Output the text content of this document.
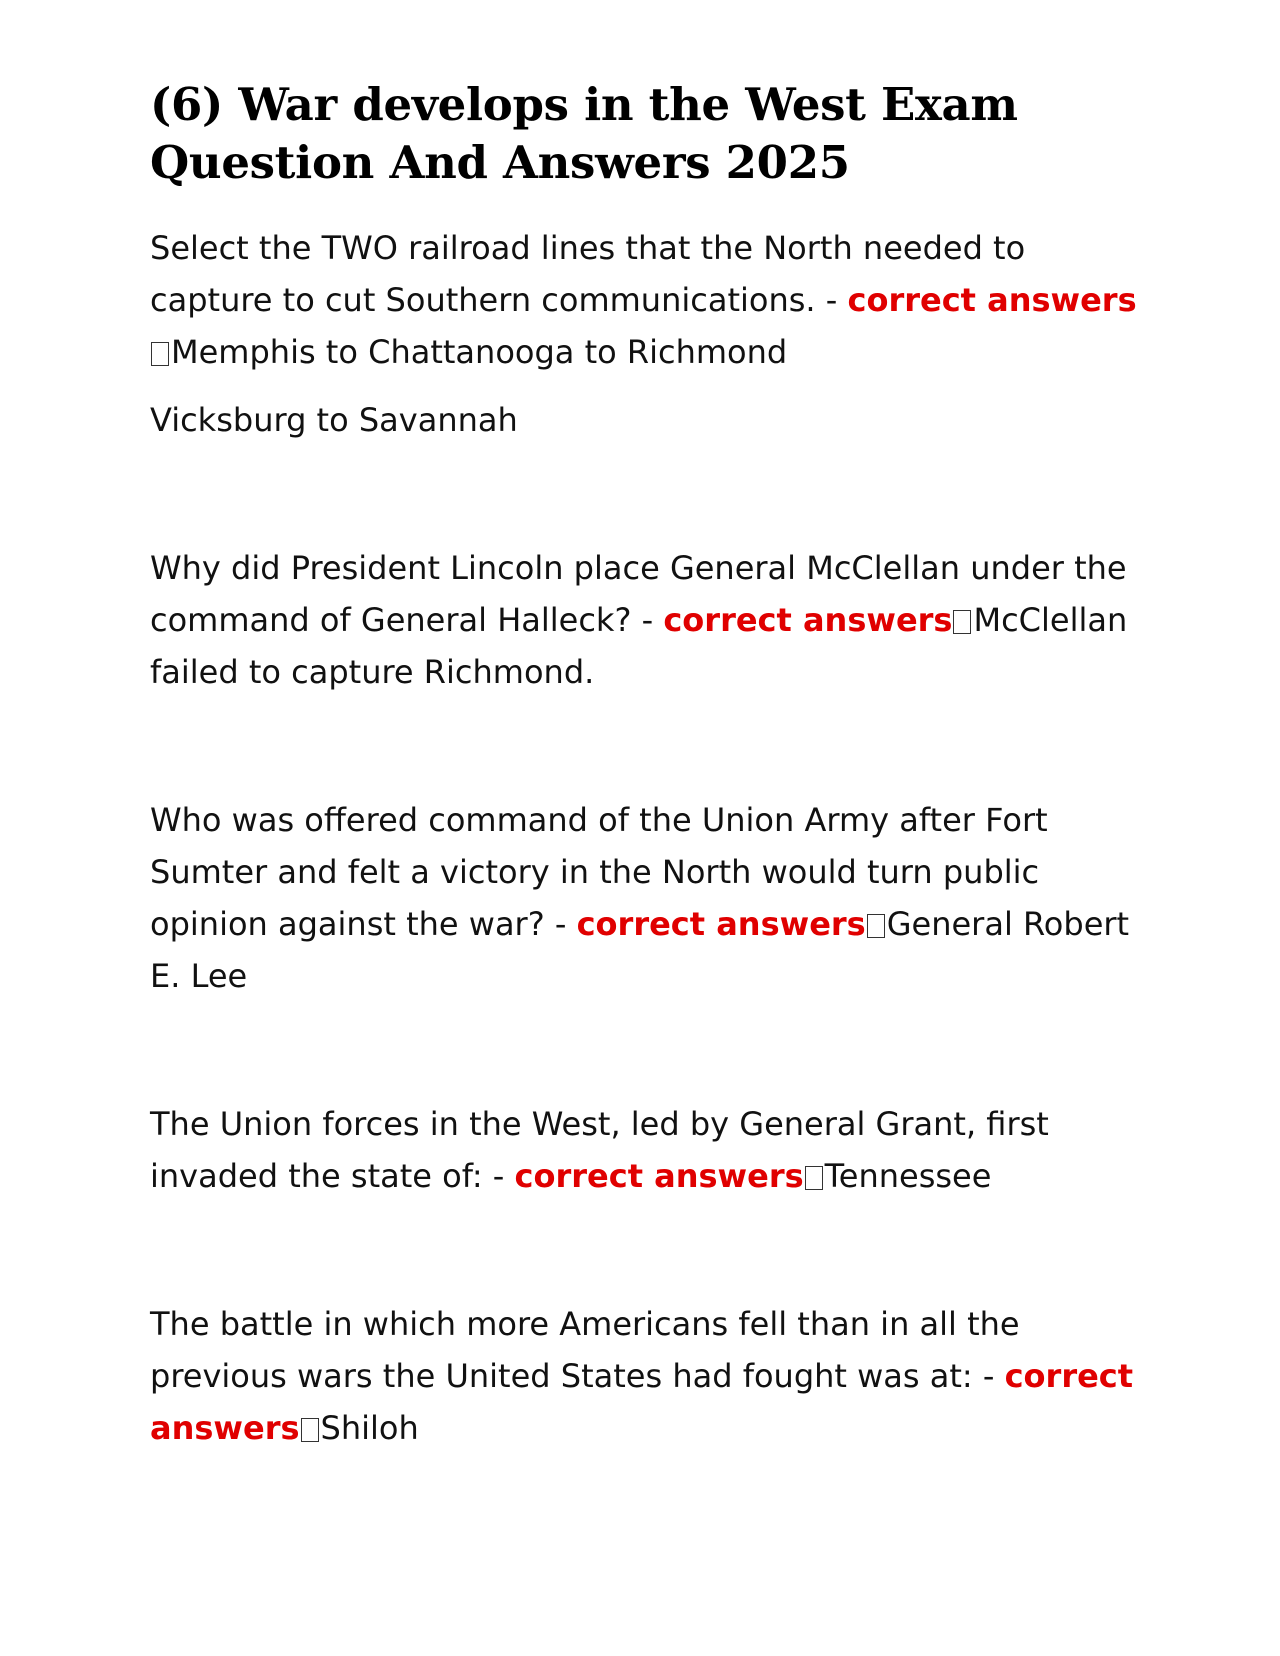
(6) War develops in the West Exam Question And Answers 2025

Select the TWO railroad lines that the North needed to capture to cut Southern communications. - correct answersMemphis to Chattanooga to Richmond

Vicksburg to Savannah

Why did President Lincoln place General McClellan under the command of General Halleck? - correct answers McClellan failed to capture Richmond.

Who was offered command of the Union Army after Fort Sumter and felt a victory in the North would turn public opinion against the war? - correct answers General Robert E. Lee

The Union forces in the West, led by General Grant, first invaded the state of: - correct answers Tennessee

The battle in which more Americans fell than in all the previous wars the United States had fought was at: - correct answers Shiloh
